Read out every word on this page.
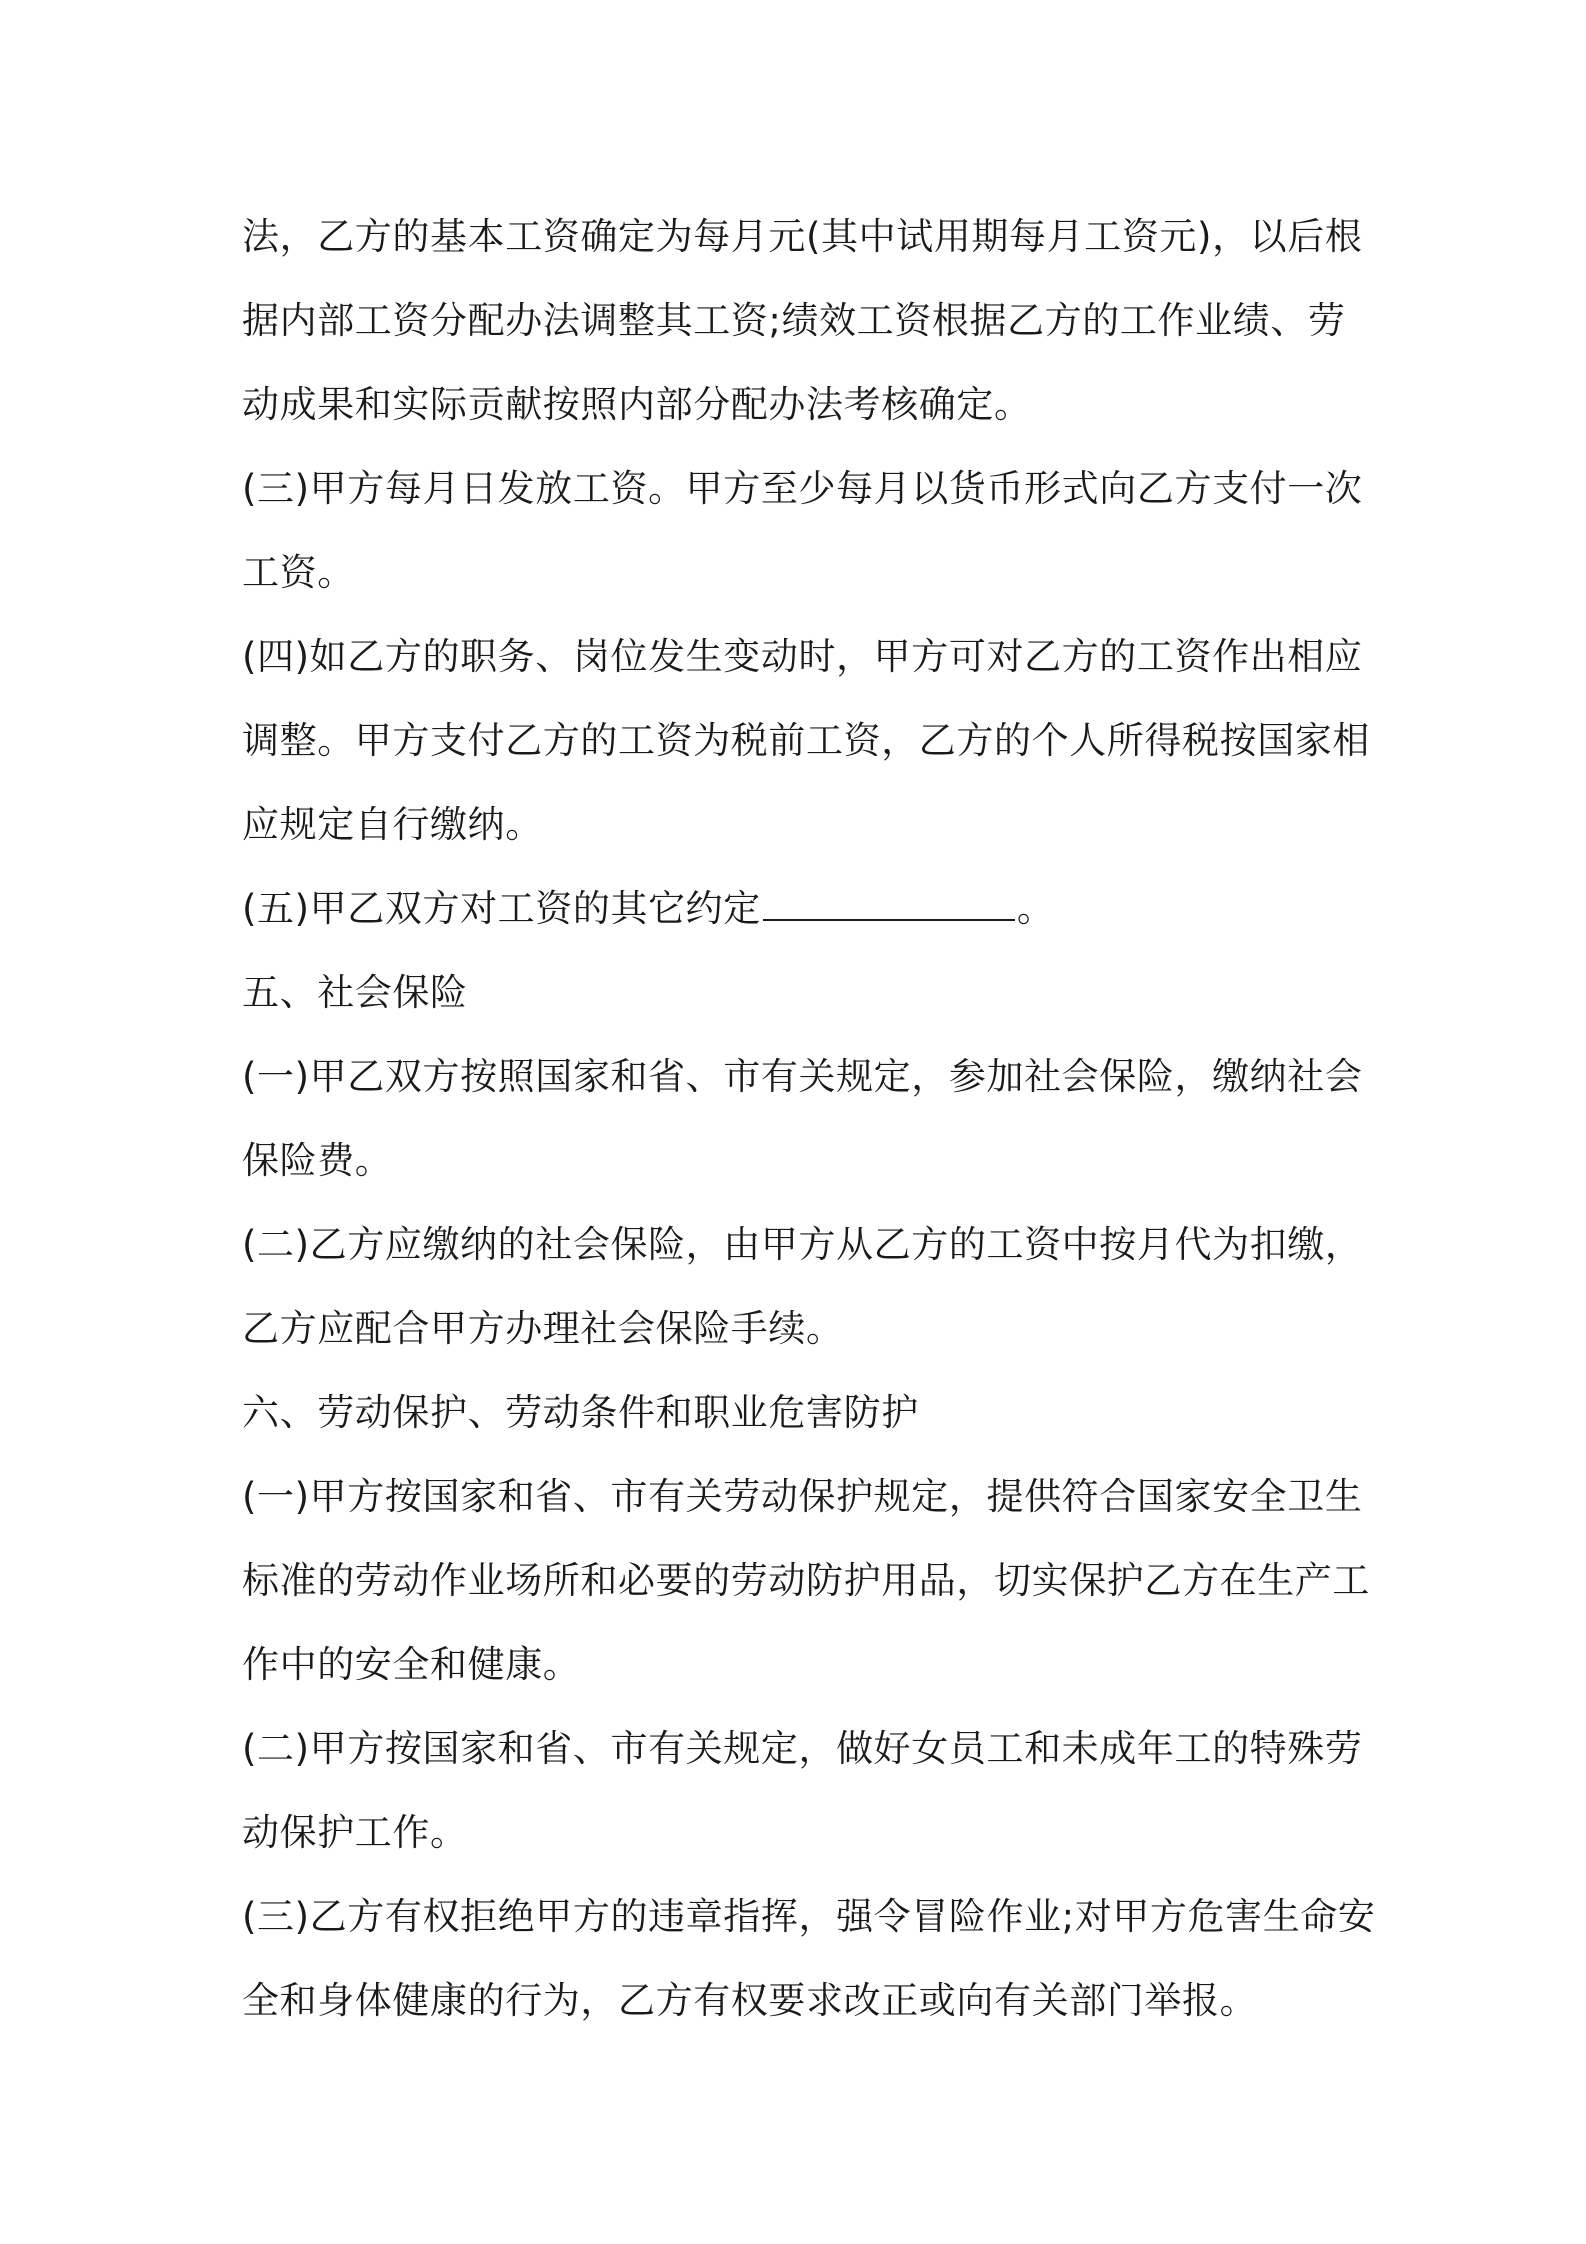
法，乙方的基本工资确定为每月元(其中试用期每月工资元)，以后根
据内部工资分配办法调整其工资;绩效工资根据乙方的工作业绩、劳
动成果和实际贡献按照内部分配办法考核确定。
(三)甲方每月日发放工资。甲方至少每月以货币形式向乙方支付一次
工资。
(四)如乙方的职务、岗位发生变动时，甲方可对乙方的工资作出相应
调整。甲方支付乙方的工资为税前工资，乙方的个人所得税按国家相
应规定自行缴纳。
(五)甲乙双方对工资的其它约定	。
五、社会保险
(一)甲乙双方按照国家和省、市有关规定，参加社会保险，缴纳社会
保险费。
(二)乙方应缴纳的社会保险，由甲方从乙方的工资中按月代为扣缴，
乙方应配合甲方办理社会保险手续。
六、劳动保护、劳动条件和职业危害防护
(一)甲方按国家和省、市有关劳动保护规定，提供符合国家安全卫生
标准的劳动作业场所和必要的劳动防护用品，切实保护乙方在生产工
作中的安全和健康。
(二)甲方按国家和省、市有关规定，做好女员工和未成年工的特殊劳
动保护工作。
(三)乙方有权拒绝甲方的违章指挥，强令冒险作业;对甲方危害生命安
全和身体健康的行为，乙方有权要求改正或向有关部门举报。
